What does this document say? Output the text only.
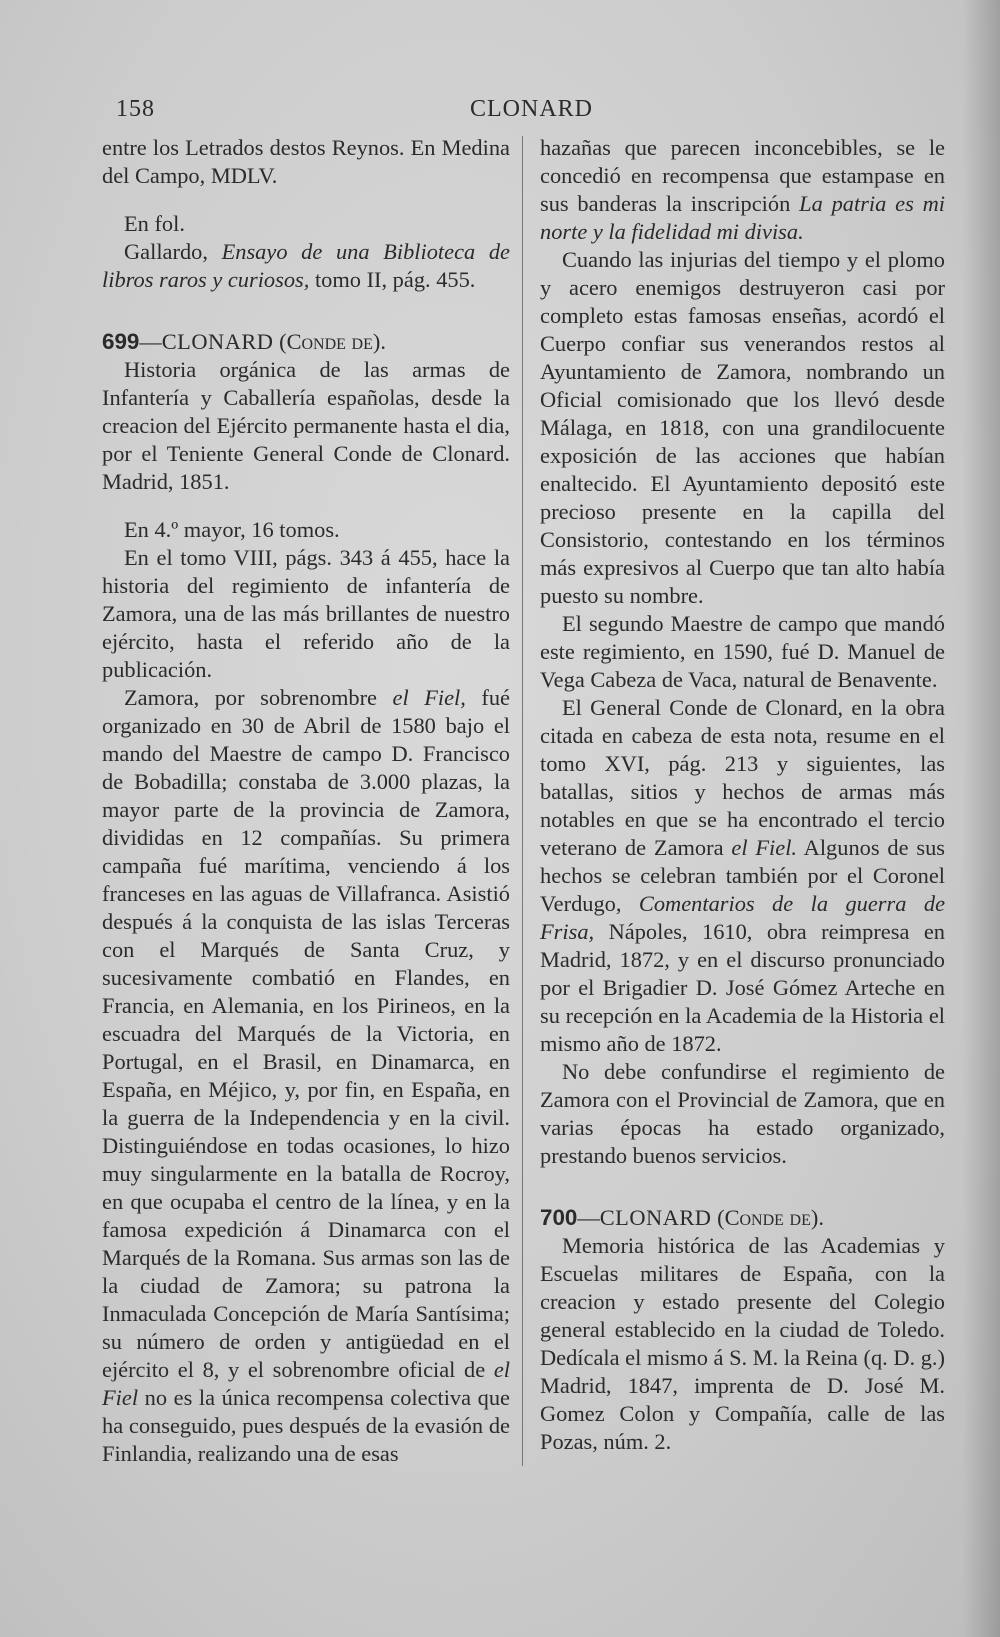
158	CLONARD

entre los Letrados destos Reynos. En Medina del Campo, MDLV.

En fol.

Gallardo, Ensayo de una Biblioteca de libros raros y curiosos, tomo II, pág. 455.

699—CLONARD (Conde de).

Historia orgánica de las armas de Infantería y Caballería españolas, desde la creacion del Ejército permanente hasta el dia, por el Teniente General Conde de Clonard. Madrid, 1851.

En 4.º mayor, 16 tomos.

En el tomo VIII, págs. 343 á 455, hace la historia del regimiento de infantería de Zamora, una de las más brillantes de nuestro ejército, hasta el referido año de la publicación.

Zamora, por sobrenombre el Fiel, fué organizado en 30 de Abril de 1580 bajo el mando del Maestre de campo D. Francisco de Bobadilla; constaba de 3.000 plazas, la mayor parte de la provincia de Zamora, divididas en 12 compañías. Su primera campaña fué marítima, venciendo á los franceses en las aguas de Villafranca. Asistió después á la conquista de las islas Terceras con el Marqués de Santa Cruz, y sucesivamente combatió en Flandes, en Francia, en Alemania, en los Pirineos, en la escuadra del Marqués de la Victoria, en Portugal, en el Brasil, en Dinamarca, en España, en Méjico, y, por fin, en España, en la guerra de la Independencia y en la civil. Distinguiéndose en todas ocasiones, lo hizo muy singularmente en la batalla de Rocroy, en que ocupaba el centro de la línea, y en la famosa expedición á Dinamarca con el Marqués de la Romana. Sus armas son las de la ciudad de Zamora; su patrona la Inmaculada Concepción de María Santísima; su número de orden y antigüedad en el ejército el 8, y el sobrenombre oficial de el Fiel no es la única recompensa colectiva que ha conseguido, pues después de la evasión de Finlandia, realizando una de esas

hazañas que parecen inconcebibles, se le concedió en recompensa que estampase en sus banderas la inscripción La patria es mi norte y la fidelidad mi divisa.

Cuando las injurias del tiempo y el plomo y acero enemigos destruyeron casi por completo estas famosas enseñas, acordó el Cuerpo confiar sus venerandos restos al Ayuntamiento de Zamora, nombrando un Oficial comisionado que los llevó desde Málaga, en 1818, con una grandilocuente exposición de las acciones que habían enaltecido. El Ayuntamiento depositó este precioso presente en la capilla del Consistorio, contestando en los términos más expresivos al Cuerpo que tan alto había puesto su nombre.

El segundo Maestre de campo que mandó este regimiento, en 1590, fué D. Manuel de Vega Cabeza de Vaca, natural de Benavente.

El General Conde de Clonard, en la obra citada en cabeza de esta nota, resume en el tomo XVI, pág. 213 y siguientes, las batallas, sitios y hechos de armas más notables en que se ha encontrado el tercio veterano de Zamora el Fiel. Algunos de sus hechos se celebran también por el Coronel Verdugo, Comentarios de la guerra de Frisa, Nápoles, 1610, obra reimpresa en Madrid, 1872, y en el discurso pronunciado por el Brigadier D. José Gómez Arteche en su recepción en la Academia de la Historia el mismo año de 1872.

No debe confundirse el regimiento de Zamora con el Provincial de Zamora, que en varias épocas ha estado organizado, prestando buenos servicios.

700—CLONARD (Conde de).

Memoria histórica de las Academias y Escuelas militares de España, con la creacion y estado presente del Colegio general establecido en la ciudad de Toledo. Dedícala el mismo á S. M. la Reina (q. D. g.) Madrid, 1847, imprenta de D. José M. Gomez Colon y Compañía, calle de las Pozas, núm. 2.
